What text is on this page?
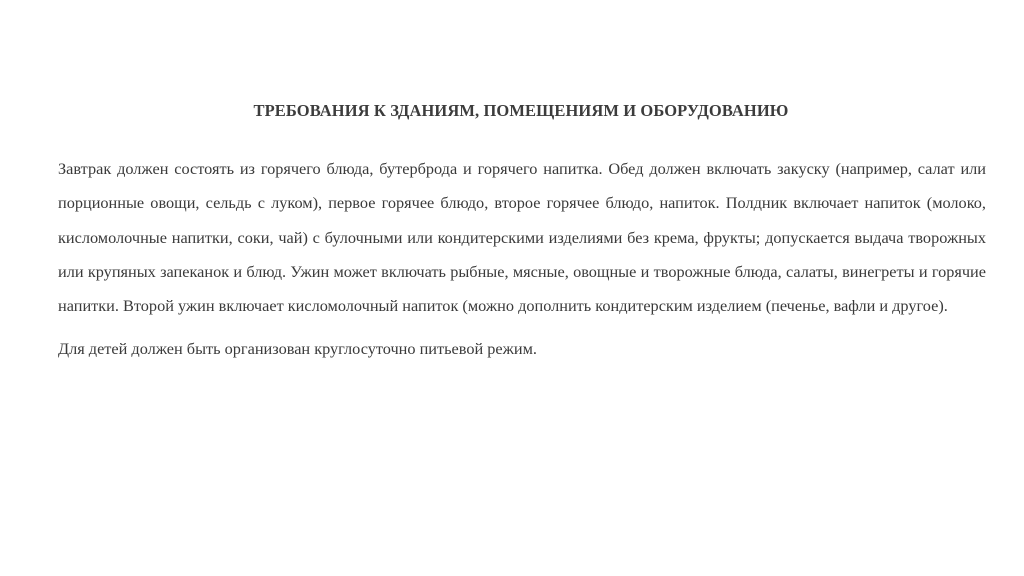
ТРЕБОВАНИЯ К ЗДАНИЯМ, ПОМЕЩЕНИЯМ И ОБОРУДОВАНИЮ

Завтрак должен состоять из горячего блюда, бутерброда и горячего напитка. Обед должен включать закуску (например, салат или порционные овощи, сельдь с луком), первое горячее блюдо, второе горячее блюдо, напиток. Полдник включает напиток (молоко, кисломолочные напитки, соки, чай) с булочными или кондитерскими изделиями без крема, фрукты; допускается выдача творожных или крупяных запеканок и блюд. Ужин может включать рыбные, мясные, овощные и творожные блюда, салаты, винегреты и горячие напитки. Второй ужин включает кисломолочный напиток (можно дополнить кондитерским изделием (печенье, вафли и другое).

Для детей должен быть организован круглосуточно питьевой режим.
